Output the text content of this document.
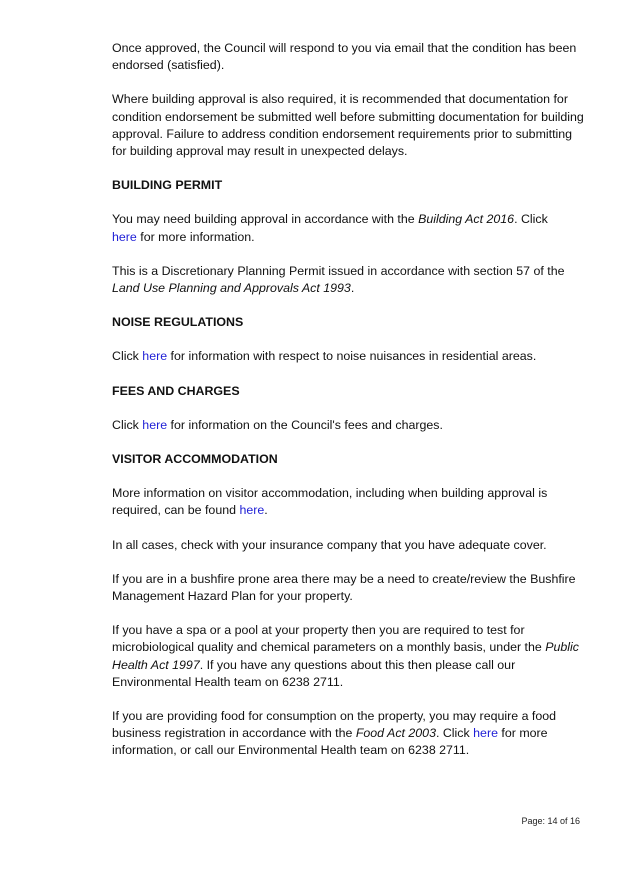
Once approved, the Council will respond to you via email that the condition has been endorsed (satisfied).

Where building approval is also required, it is recommended that documentation for condition endorsement be submitted well before submitting documentation for building approval. Failure to address condition endorsement requirements prior to submitting for building approval may result in unexpected delays.

BUILDING PERMIT

You may need building approval in accordance with the Building Act 2016. Click
here for more information.

This is a Discretionary Planning Permit issued in accordance with section 57 of the Land Use Planning and Approvals Act 1993.

NOISE REGULATIONS

Click here for information with respect to noise nuisances in residential areas.

FEES AND CHARGES

Click here for information on the Council's fees and charges.

VISITOR ACCOMMODATION

More information on visitor accommodation, including when building approval is required, can be found here.

In all cases, check with your insurance company that you have adequate cover.

If you are in a bushfire prone area there may be a need to create/review the Bushfire Management Hazard Plan for your property.

If you have a spa or a pool at your property then you are required to test for microbiological quality and chemical parameters on a monthly basis, under the Public Health Act 1997. If you have any questions about this then please call our Environmental Health team on 6238 2711.

If you are providing food for consumption on the property, you may require a food business registration in accordance with the Food Act 2003. Click here for more information, or call our Environmental Health team on 6238 2711.

Page: 14 of 16
